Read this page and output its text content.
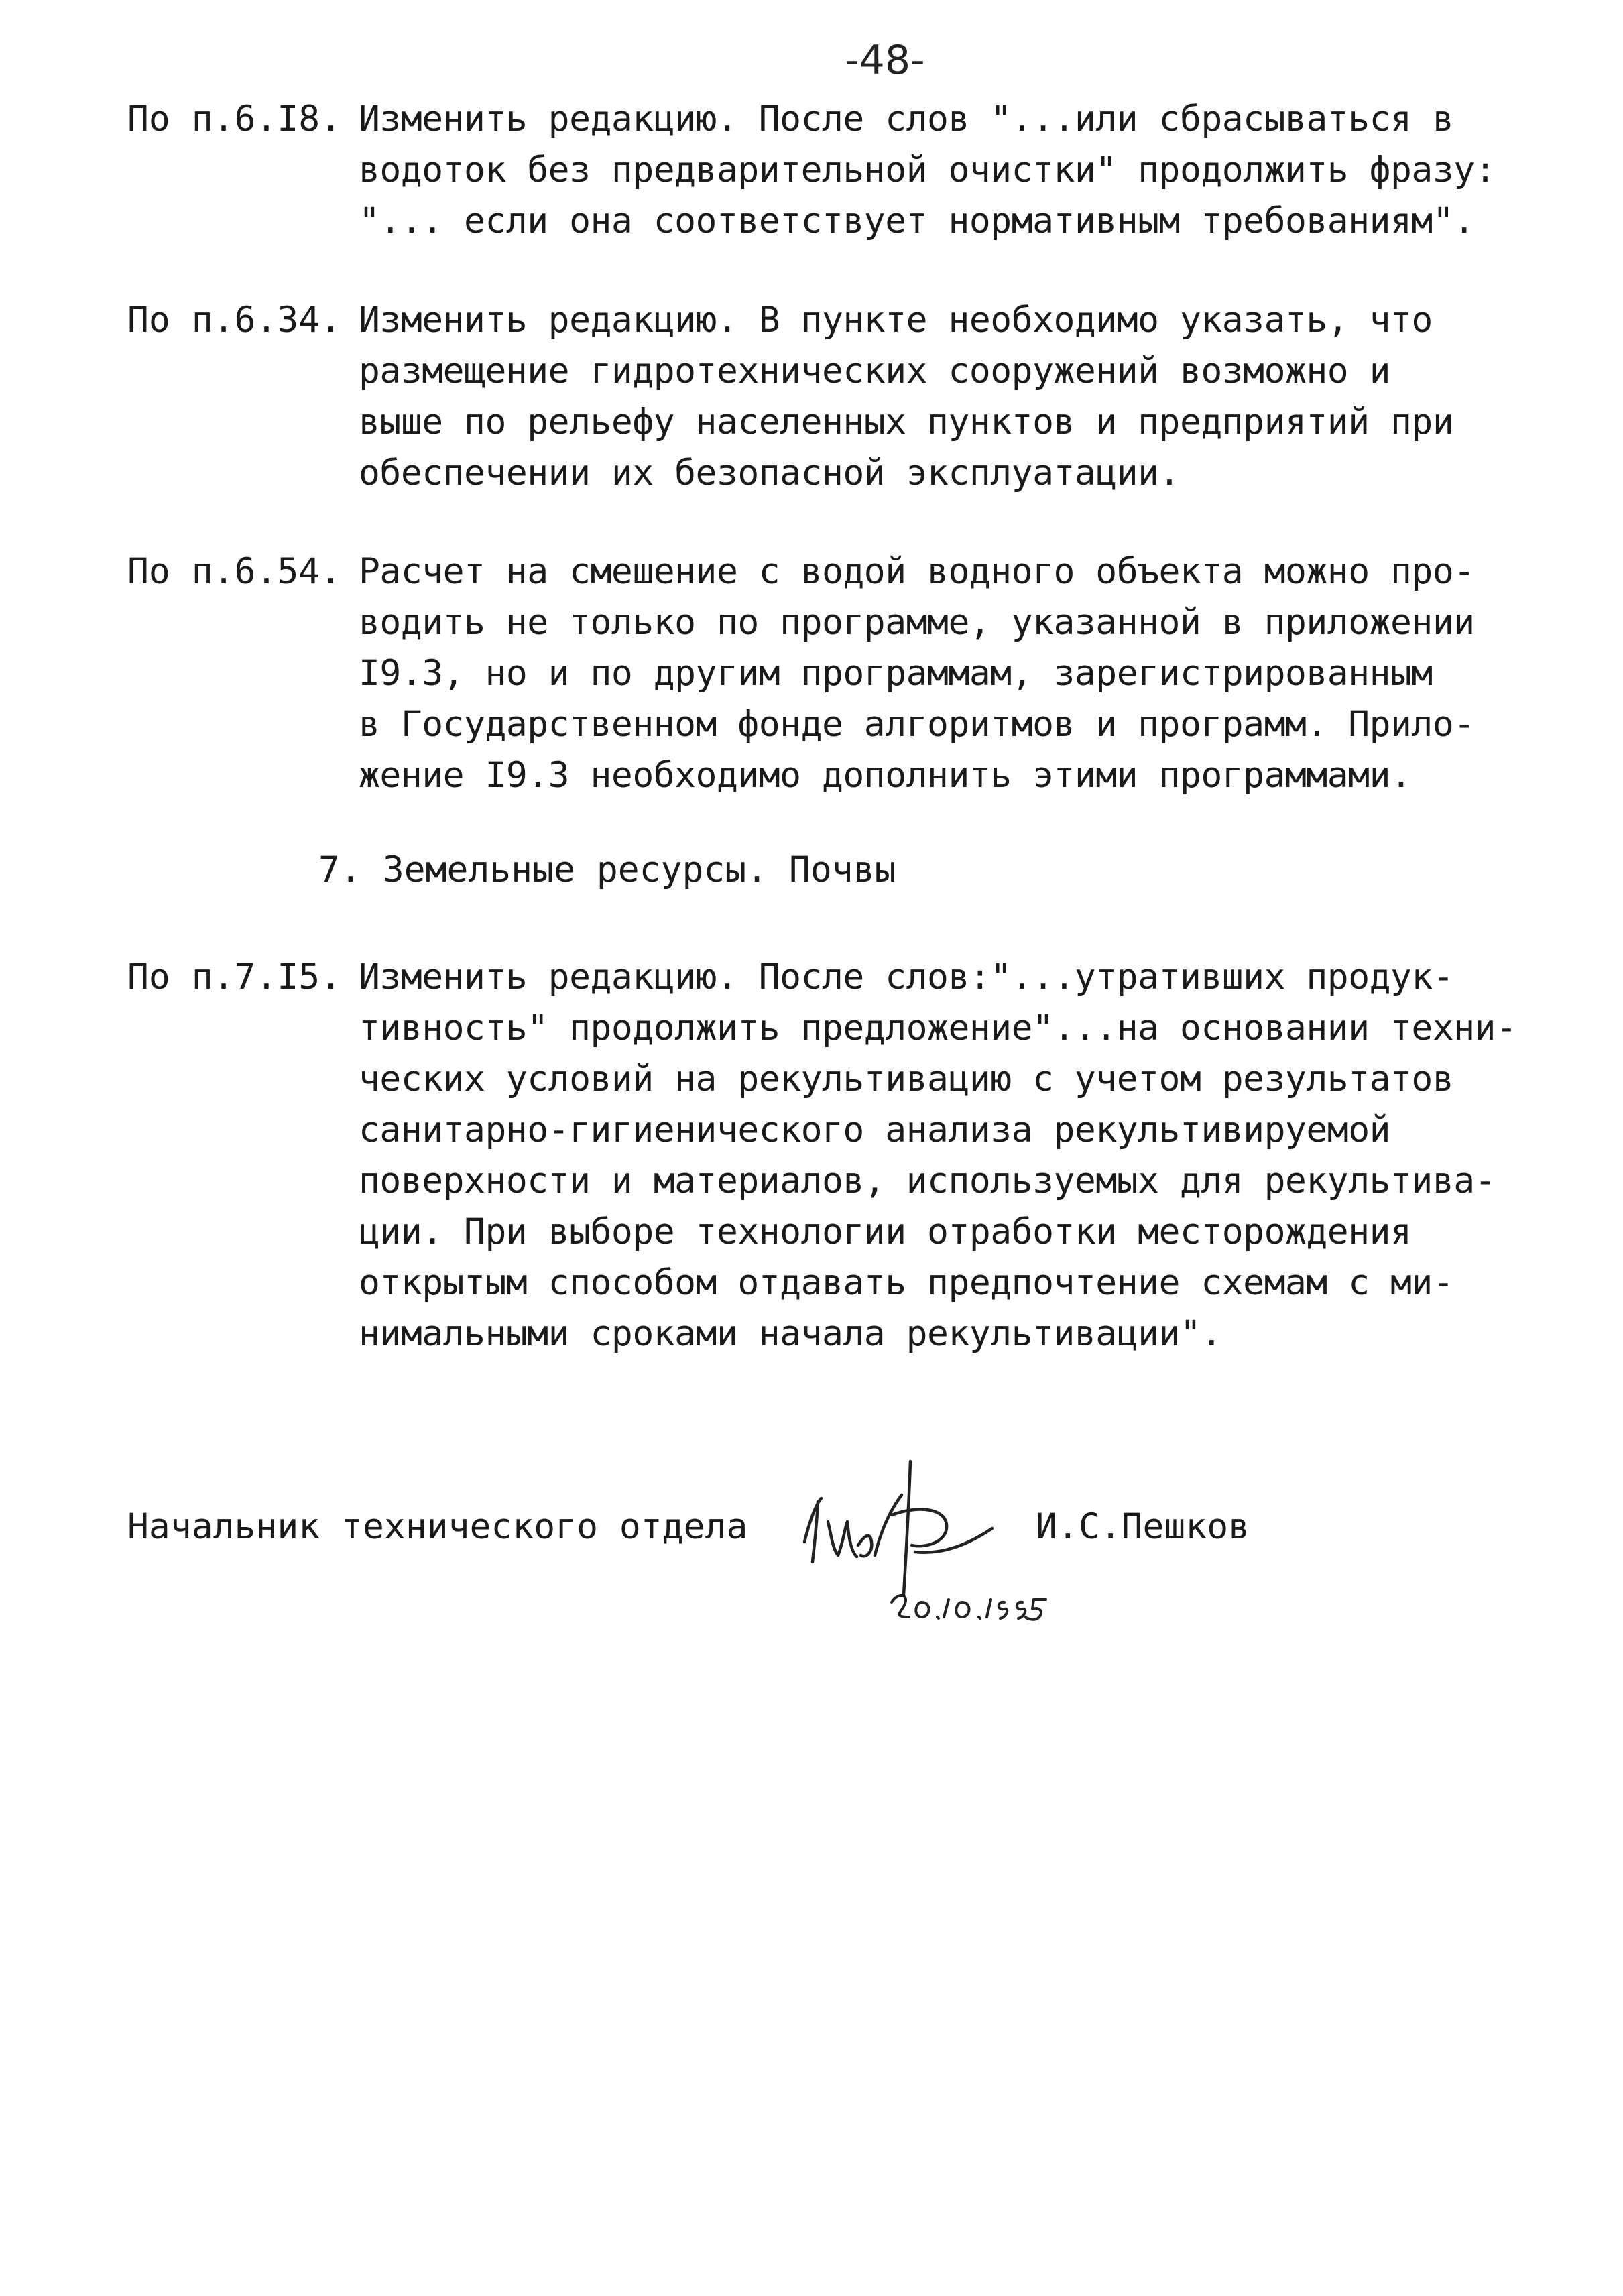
-48-
По п.6.I8. Изменить редакцию. После слов "...или сбрасываться в
водоток без предварительной очистки" продолжить фразу:
"... если она соответствует нормативным требованиям".
По п.6.34. Изменить редакцию. В пункте необходимо указать, что
размещение гидротехнических сооружений возможно и
выше по рельефу населенных пунктов и предприятий при
обеспечении их безопасной эксплуатации.
По п.6.54. Расчет на смешение с водой водного объекта можно про-
водить не только по программе, указанной в приложении
I9.3, но и по другим программам, зарегистрированным
в Государственном фонде алгоритмов и программ. Прило-
жение I9.3 необходимо дополнить этими программами.
7. Земельные ресурсы. Почвы
По п.7.I5. Изменить редакцию. После слов:"...утративших продук-
тивность" продолжить предложение"...на основании техни-
ческих условий на рекультивацию с учетом результатов
санитарно-гигиенического анализа рекультивируемой
поверхности и материалов, используемых для рекультива-
ции. При выборе технологии отработки месторождения
открытым способом отдавать предпочтение схемам с ми-
нимальными сроками начала рекультивации".
Начальник технического отдела	И.С.Пешков
